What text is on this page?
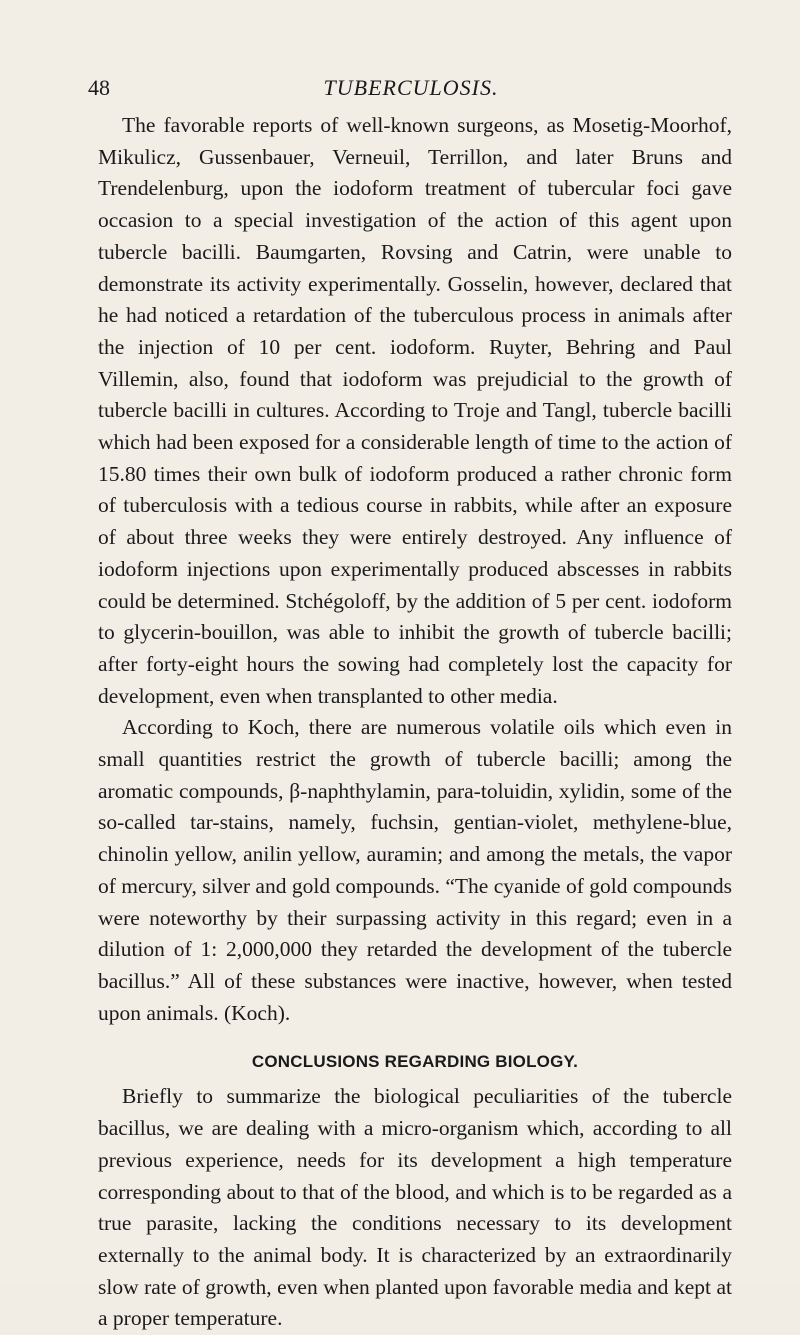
48	TUBERCULOSIS.

The favorable reports of well-known surgeons, as Mosetig-Moorhof, Mikulicz, Gussenbauer, Verneuil, Terrillon, and later Bruns and Trendelenburg, upon the iodoform treatment of tubercular foci gave occasion to a special investigation of the action of this agent upon tubercle bacilli. Baumgarten, Rovsing and Catrin, were unable to demonstrate its activity experimentally. Gosselin, however, declared that he had noticed a retardation of the tuberculous process in animals after the injection of 10 per cent. iodoform. Ruyter, Behring and Paul Villemin, also, found that iodoform was prejudicial to the growth of tubercle bacilli in cultures. According to Troje and Tangl, tubercle bacilli which had been exposed for a considerable length of time to the action of 15.80 times their own bulk of iodoform produced a rather chronic form of tuberculosis with a tedious course in rabbits, while after an exposure of about three weeks they were entirely destroyed. Any influence of iodoform injections upon experimentally produced abscesses in rabbits could be determined. Stchégoloff, by the addition of 5 per cent. iodoform to glycerin-bouillon, was able to inhibit the growth of tubercle bacilli; after forty-eight hours the sowing had completely lost the capacity for development, even when transplanted to other media.

According to Koch, there are numerous volatile oils which even in small quantities restrict the growth of tubercle bacilli; among the aromatic compounds, β-naphthylamin, para-toluidin, xylidin, some of the so-called tar-stains, namely, fuchsin, gentian-violet, methylene-blue, chinolin yellow, anilin yellow, auramin; and among the metals, the vapor of mercury, silver and gold compounds. “The cyanide of gold compounds were noteworthy by their surpassing activity in this regard; even in a dilution of 1: 2,000,000 they retarded the development of the tubercle bacillus.” All of these substances were inactive, however, when tested upon animals. (Koch).

CONCLUSIONS REGARDING BIOLOGY.

Briefly to summarize the biological peculiarities of the tubercle bacillus, we are dealing with a micro-organism which, according to all previous experience, needs for its development a high temperature corresponding about to that of the blood, and which is to be regarded as a true parasite, lacking the conditions necessary to its development externally to the animal body. It is characterized by an extraordinarily slow rate of growth, even when planted upon favorable media and kept at a proper temperature.
